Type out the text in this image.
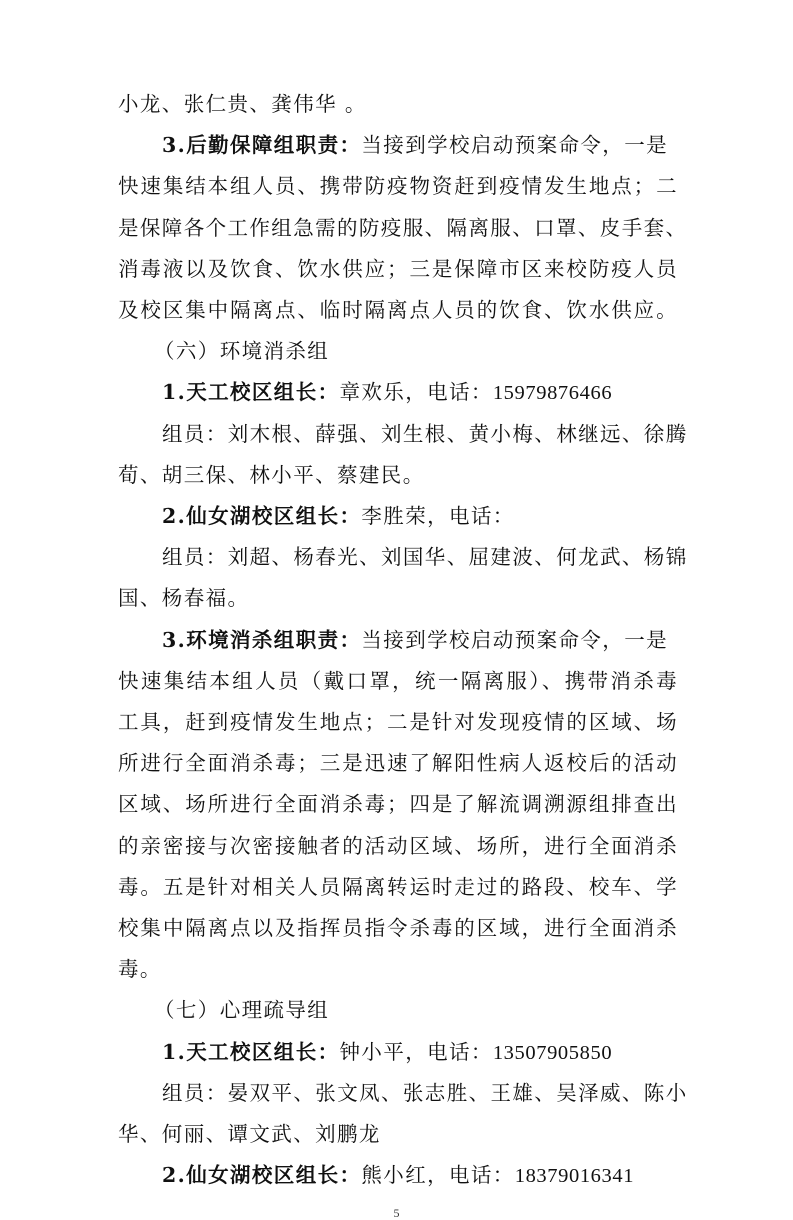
小龙、张仁贵、龚伟华 。
3.后勤保障组职责：当接到学校启动预案命令，一是
快速集结本组人员、携带防疫物资赶到疫情发生地点；二
是保障各个工作组急需的防疫服、隔离服、口罩、皮手套、
消毒液以及饮食、饮水供应；三是保障市区来校防疫人员
及校区集中隔离点、临时隔离点人员的饮食、饮水供应。
（六）环境消杀组
1.天工校区组长：章欢乐，电话：15979876466
组员：刘木根、薛强、刘生根、黄小梅、林继远、徐腾
荀、胡三保、林小平、蔡建民。
2.仙女湖校区组长：李胜荣，电话：
组员：刘超、杨春光、刘国华、屈建波、何龙武、杨锦
国、杨春福。
3.环境消杀组职责：当接到学校启动预案命令，一是
快速集结本组人员（戴口罩，统一隔离服）、携带消杀毒
工具，赶到疫情发生地点；二是针对发现疫情的区域、场
所进行全面消杀毒；三是迅速了解阳性病人返校后的活动
区域、场所进行全面消杀毒；四是了解流调溯源组排查出
的亲密接与次密接触者的活动区域、场所，进行全面消杀
毒。五是针对相关人员隔离转运时走过的路段、校车、学
校集中隔离点以及指挥员指令杀毒的区域，进行全面消杀
毒。
（七）心理疏导组
1.天工校区组长：钟小平，电话：13507905850
组员：晏双平、张文凤、张志胜、王雄、吴泽威、陈小
华、何丽、谭文武、刘鹏龙
2.仙女湖校区组长：熊小红，电话：18379016341
5
